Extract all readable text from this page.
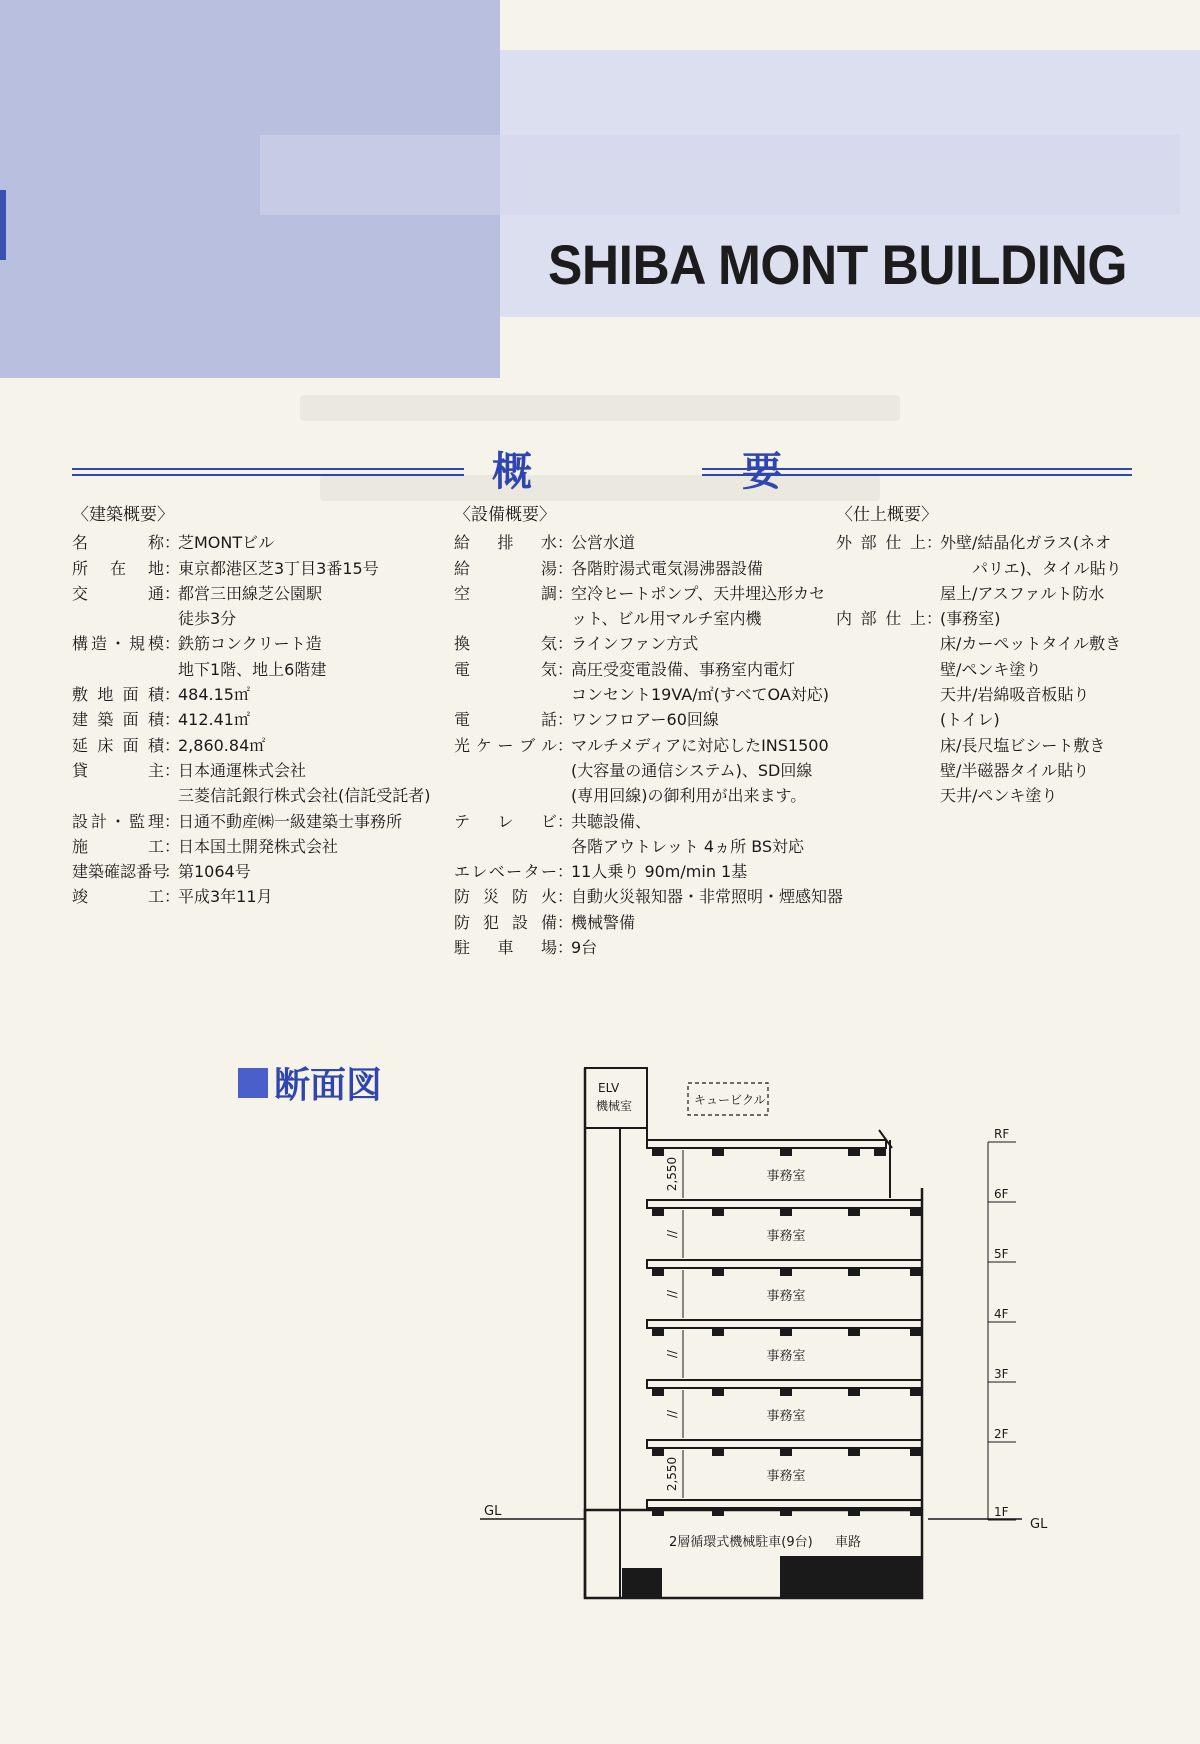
SHIBA MONT BUILDING
概	要
〈建築概要〉
名	称 ：
芝MONTビル
所 在 地 ：
東京都港区芝3丁目3番15号
交	通 ：
都営三田線芝公園駅
徒歩3分
構 造 ・ 規 模 ：
鉄筋コンクリート造
地下1階、地上6階建
敷 地 面 積 ：
484.15㎡
建 築 面 積 ：
412.41㎡
延 床 面 積 ：
2,860.84㎡
貸	主 ：
日本通運株式会社
三菱信託銀行株式会社(信託受託者)
設 計 ・ 監 理 ：
日通不動産㈱一級建築士事務所
施	工 ：
日本国土開発株式会社
建 築 確 認 番 号
：
第1064号
竣	工 ：
平成3年11月
〈設備概要〉
給 排 水 ：
公営水道
給	湯 ：
各階貯湯式電気湯沸器設備
空	調 ：
空冷ヒートポンプ、天井埋込形カセ
ット、ビル用マルチ室内機
換	気 ：
ラインファン方式
電	気 ：
高圧受変電設備、事務室内電灯
コンセント19VA/㎡(すべてOA対応)
電	話 ：
ワンフロアー60回線
光 ケ ー ブ ル ：
マルチメディアに対応したINS1500
(大容量の通信システム)、SD回線
(専用回線)の御利用が出来ます。
テ レ ビ ：
共聴設備、
各階アウトレット 4ヵ所 BS対応
エ レ ベ ー タ ー ：
11人乗り 90m/min 1基
防 災 防 火 ：
自動火災報知器・非常照明・煙感知器
防 犯 設 備 ：
機械警備
駐 車 場 ：
9台
〈仕上概要〉
外 部 仕 上 ：
外壁/結晶化ガラス(ネオ
　　パリエ)、タイル貼り
屋上/アスファルト防水
内 部 仕 上 ：
(事務室)
床/カーペットタイル敷き
壁/ペンキ塗り
天井/岩綿吸音板貼り
(トイレ)
床/長尺塩ビシート敷き
壁/半磁器タイル貼り
天井/ペンキ塗り
断面図
事務室
事務室
事務室
事務室
事務室
事務室
2,550
//
//
//
//
2,550
RF
6F
5F
4F
3F
2F
1F
ELV
機械室	キュービクル
2層循環式機械駐車(9台) 車路
GL
GL
